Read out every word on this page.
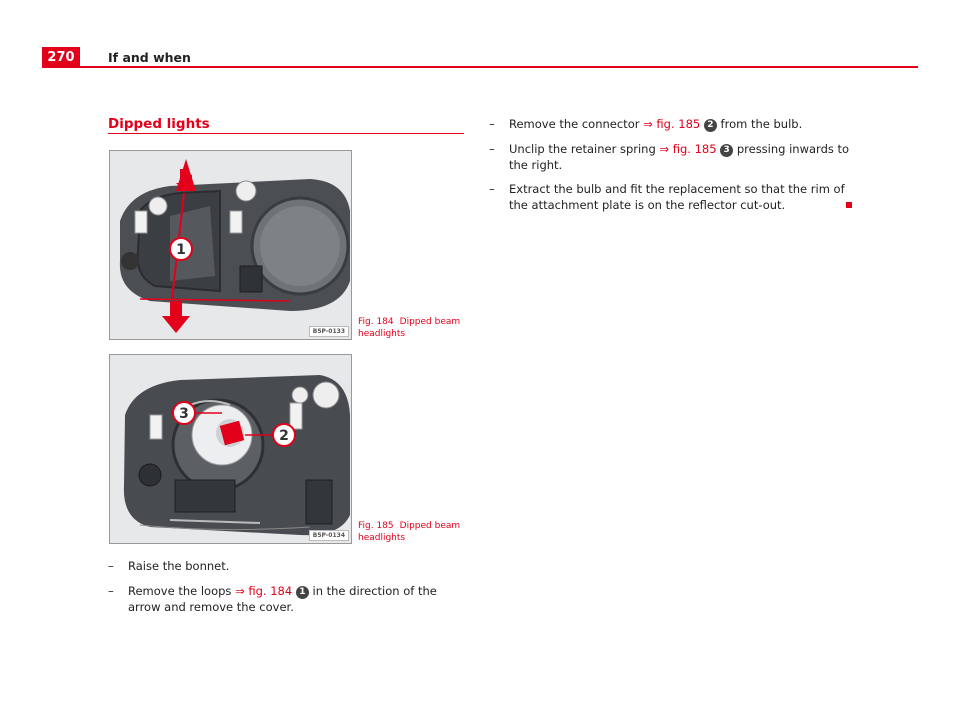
270	If and when
Dipped lights
1
B5P-0133
Fig. 184 Dipped beam headlights
3
2
B5P-0134
Fig. 185 Dipped beam headlights
–	Raise the bonnet.
–	Remove the loops ⇒ fig. 184 1 in the direction of the arrow and remove the cover.
–	Remove the connector ⇒ fig. 185 2 from the bulb.
–	Unclip the retainer spring ⇒ fig. 185 3 pressing inwards to the right.
–	Extract the bulb and fit the replacement so that the rim of the attachment plate is on the reflector cut-out.
